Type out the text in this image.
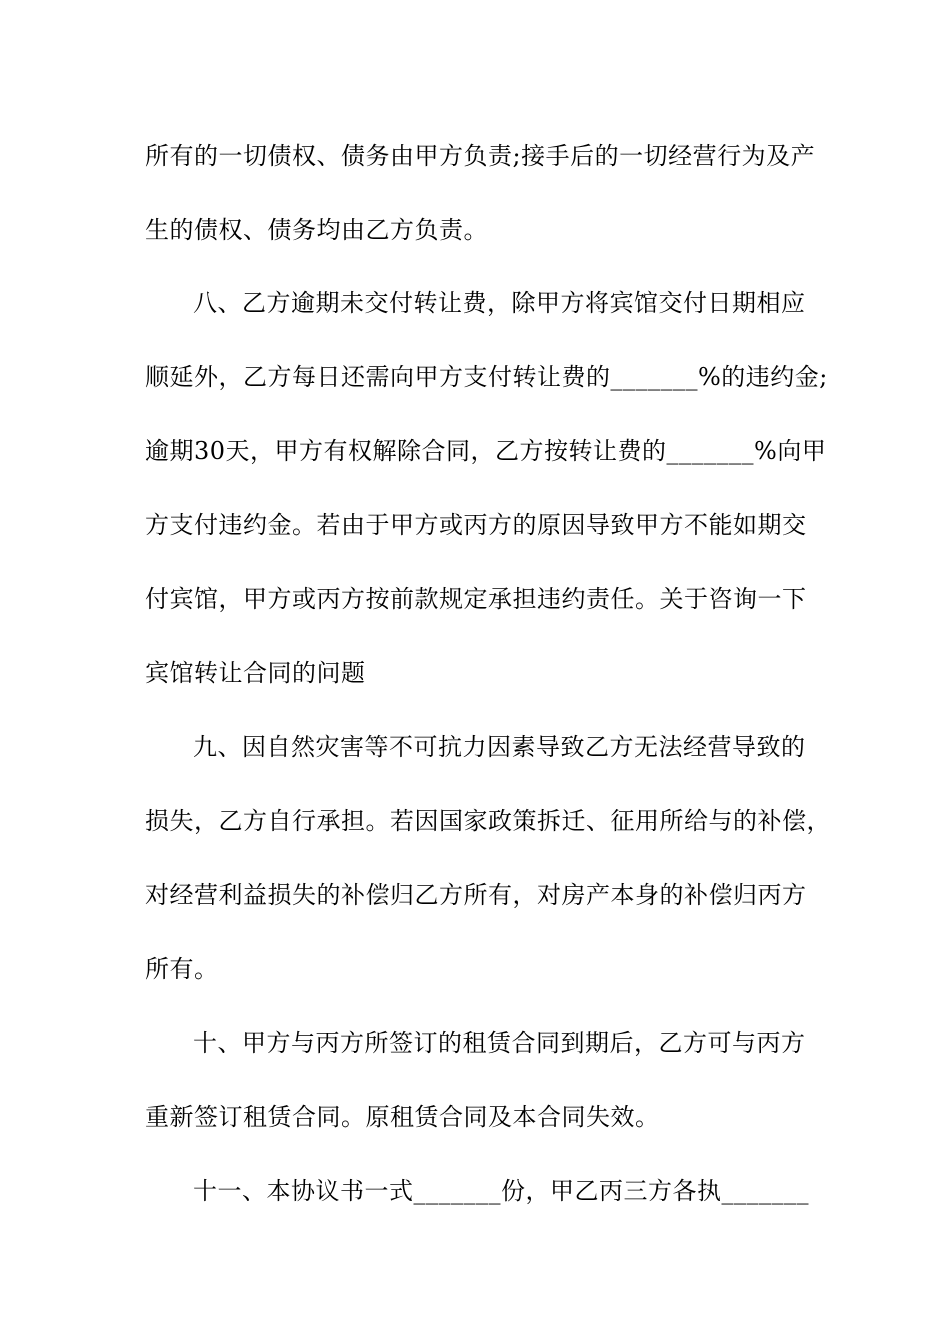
所有的一切债权、债务由甲方负责;接手后的一切经营行为及产
生的债权、债务均由乙方负责。
八、乙方逾期未交付转让费，除甲方将宾馆交付日期相应
顺延外，乙方每日还需向甲方支付转让费的_______%的违约金;
逾期30天，甲方有权解除合同，乙方按转让费的_______%向甲
方支付违约金。若由于甲方或丙方的原因导致甲方不能如期交
付宾馆，甲方或丙方按前款规定承担违约责任。关于咨询一下
宾馆转让合同的问题
九、因自然灾害等不可抗力因素导致乙方无法经营导致的
损失，乙方自行承担。若因国家政策拆迁、征用所给与的补偿，
对经营利益损失的补偿归乙方所有，对房产本身的补偿归丙方
所有。
十、甲方与丙方所签订的租赁合同到期后，乙方可与丙方
重新签订租赁合同。原租赁合同及本合同失效。
十一、本协议书一式_______份，甲乙丙三方各执_______
